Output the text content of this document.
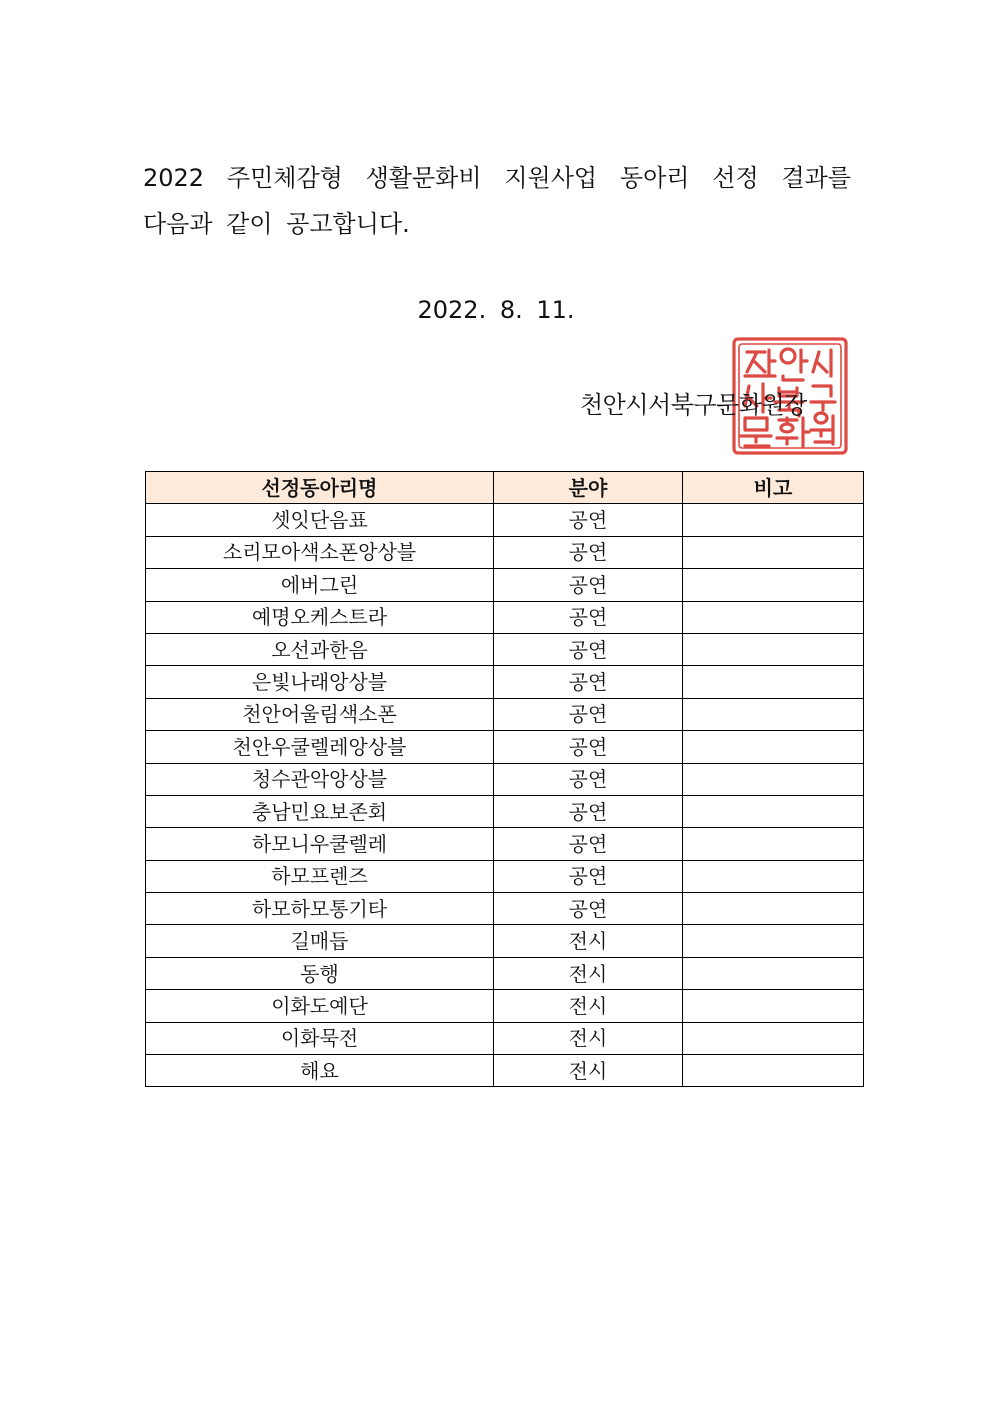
2022 주민체감형 생활문화비 지원사업 동아리 선정 결과를
다음과 같이 공고합니다.
2022. 8. 11.
천안시서북구문화원장
선정동아리명	분야	비고
셋잇단음표	공연	
소리모아색소폰앙상블	공연	
에버그린	공연	
예명오케스트라	공연	
오선과한음	공연	
은빛나래앙상블	공연	
천안어울림색소폰	공연	
천안우쿨렐레앙상블	공연	
청수관악앙상블	공연	
충남민요보존회	공연	
하모니우쿨렐레	공연	
하모프렌즈	공연	
하모하모통기타	공연	
길매듭	전시	
동행	전시	
이화도예단	전시	
이화묵전	전시	
해요	전시	
